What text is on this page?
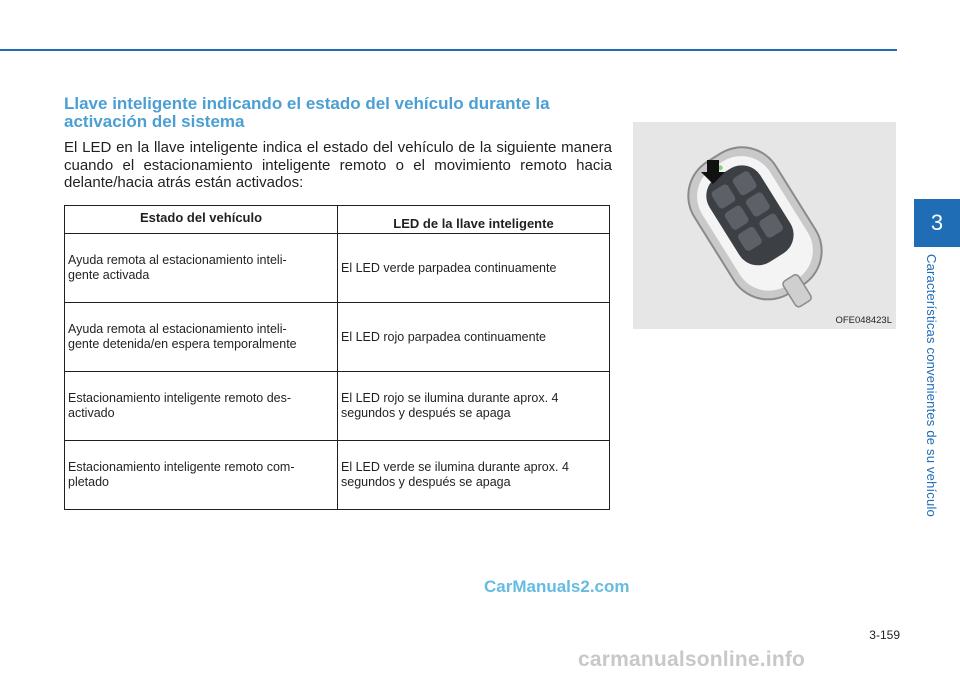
Llave inteligente indicando el estado del vehículo durante la activación del sistema
El LED en la llave inteligente indica el estado del vehículo de la siguiente manera cuando el estacionamiento inteligente remoto o el movimiento remoto hacia delante/hacia atrás están activados:
Estado del vehículo	LED de la llave inteligente
Ayuda remota al estacionamiento inteli-
gente activada	El LED verde parpadea continuamente
Ayuda remota al estacionamiento inteli-
gente detenida/en espera temporalmente	El LED rojo parpadea continuamente
Estacionamiento inteligente remoto des-
activado	El LED rojo se ilumina durante aprox. 4
segundos y después se apaga
Estacionamiento inteligente remoto com-
pletado	El LED verde se ilumina durante aprox. 4
segundos y después se apaga
OFE048423L
3
Características convenientes de su vehículo
CarManuals2.com
3-159
carmanualsonline.info
